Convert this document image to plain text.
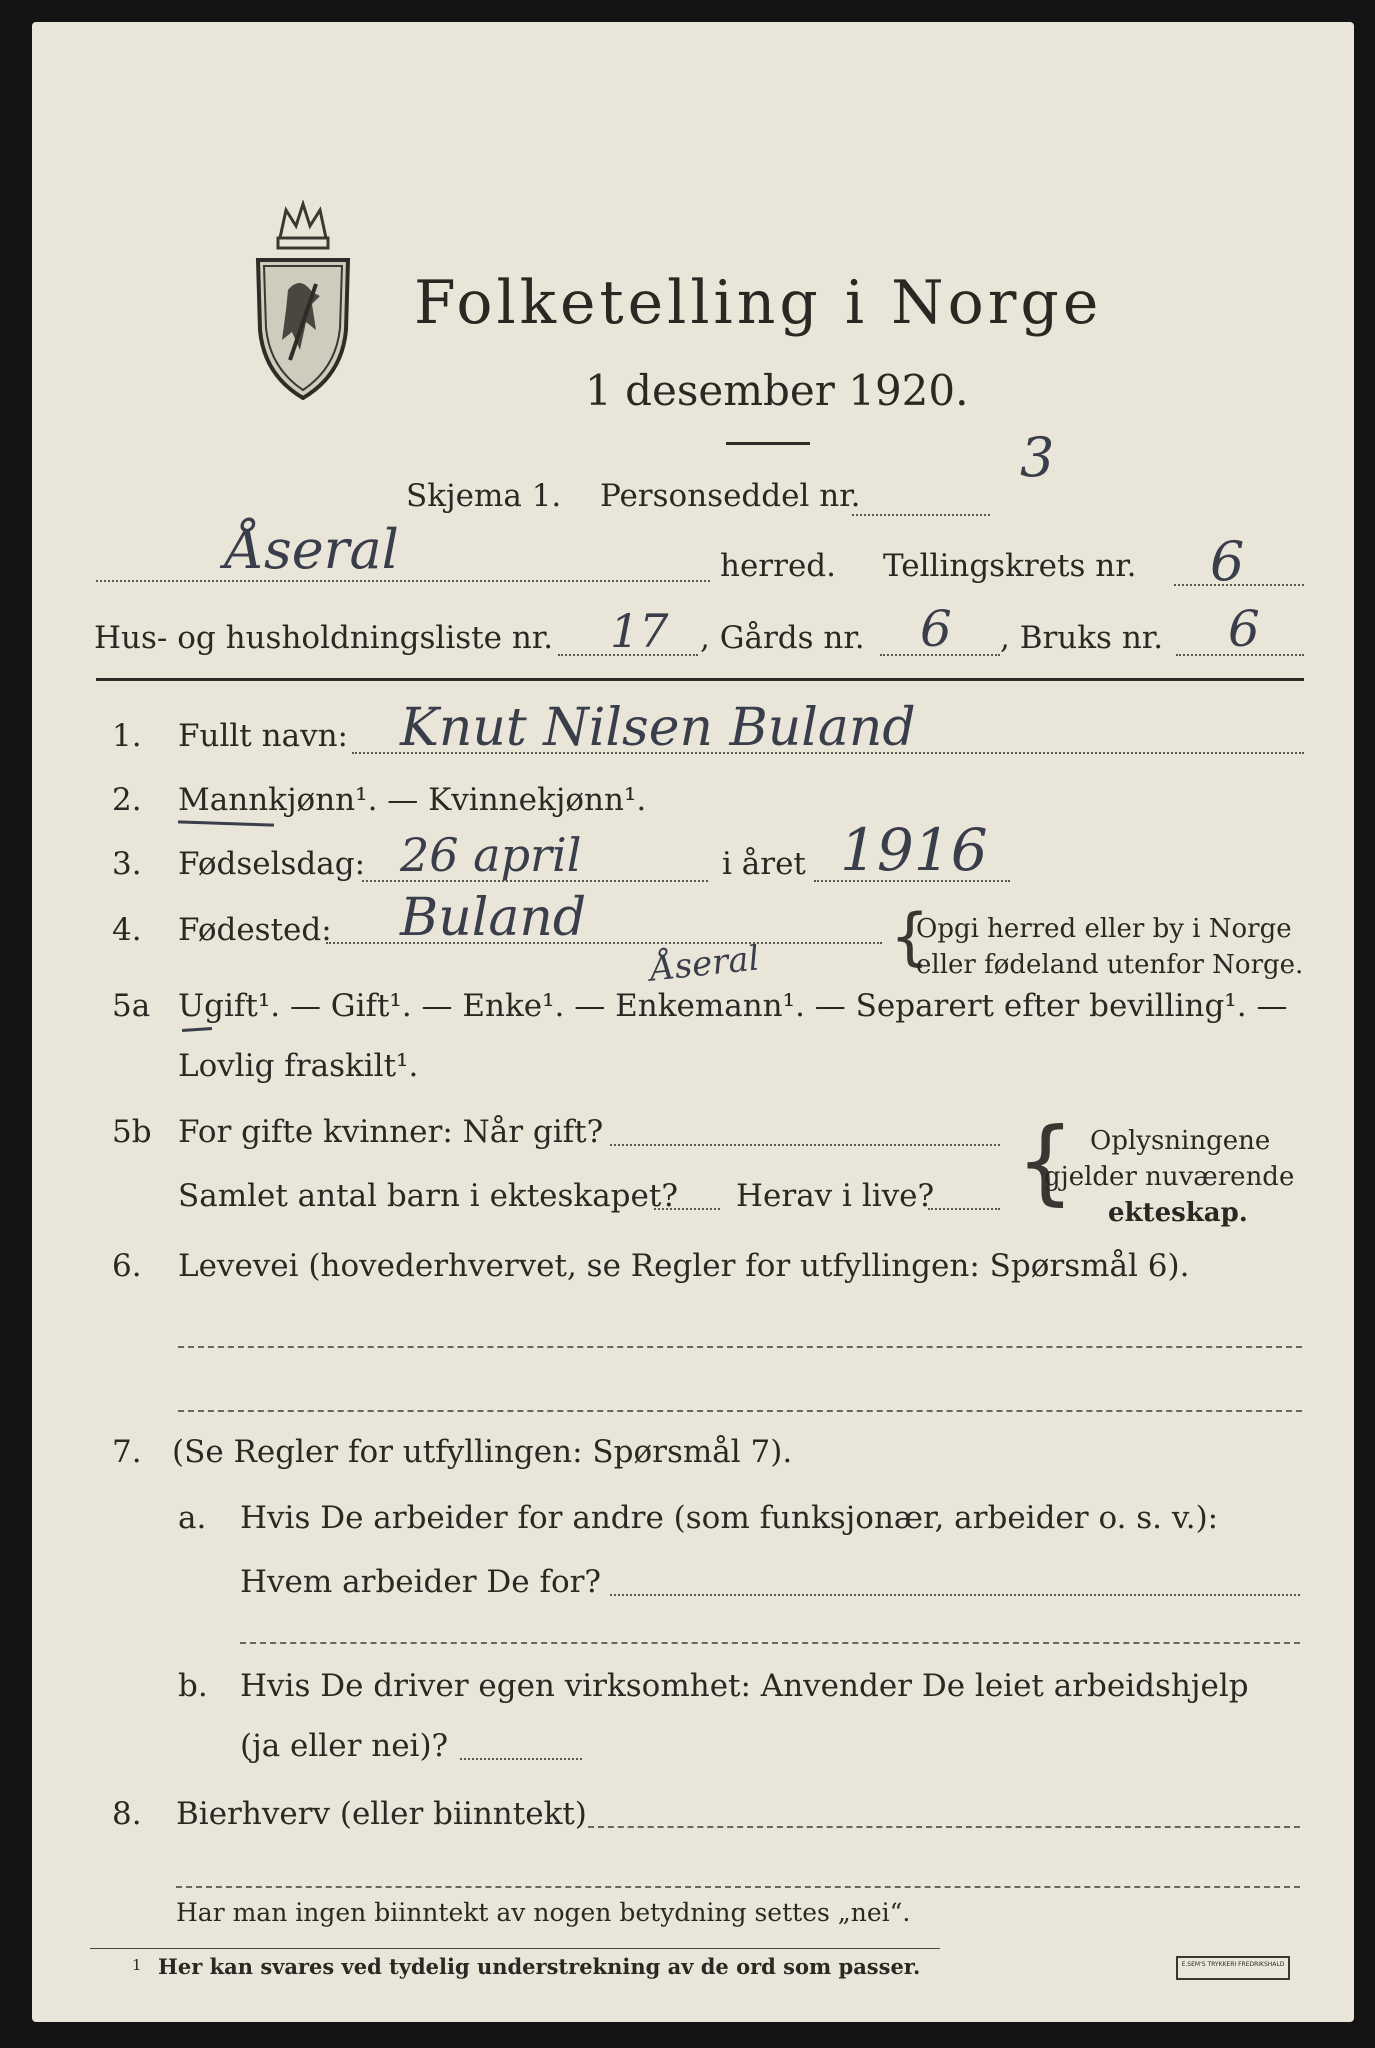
Folketelling i Norge
1 desember 1920.
Skjema 1. Personseddel nr.
3
Åseral	herred. Tellingskrets nr. 6
Hus- og husholdningsliste nr. 17 , Gårds nr. 6 , Bruks nr. 6
1. Fullt navn: Knut Nilsen Buland
2. Mannkjønn¹. — Kvinnekjønn¹.
3. Fødselsdag: 26 april	i året 1916
4. Fødested: Buland
Åseral {
Opgi herred eller by i Norge
eller fødeland utenfor Norge.
5a Ugift¹. — Gift¹. — Enke¹. — Enkemann¹. — Separert efter bevilling¹. —
Lovlig fraskilt¹.
5b For gifte kvinner: Når gift?
Samlet antal barn i ekteskapet? Herav i live? { Oplysningene
gjelder nuværende
ekteskap.
6. Levevei (hovederhvervet, se Regler for utfyllingen: Spørsmål 6).
7. (Se Regler for utfyllingen: Spørsmål 7).
a. Hvis De arbeider for andre (som funksjonær, arbeider o. s. v.):
Hvem arbeider De for?
b. Hvis De driver egen virksomhet: Anvender De leiet arbeidshjelp
(ja eller nei)?
8. Bierhverv (eller biinntekt)
Har man ingen biinntekt av nogen betydning settes „nei“.
1 Her kan svares ved tydelig understrekning av de ord som passer.	E.SEM'S TRYKKERI FREDRIKSHALD
